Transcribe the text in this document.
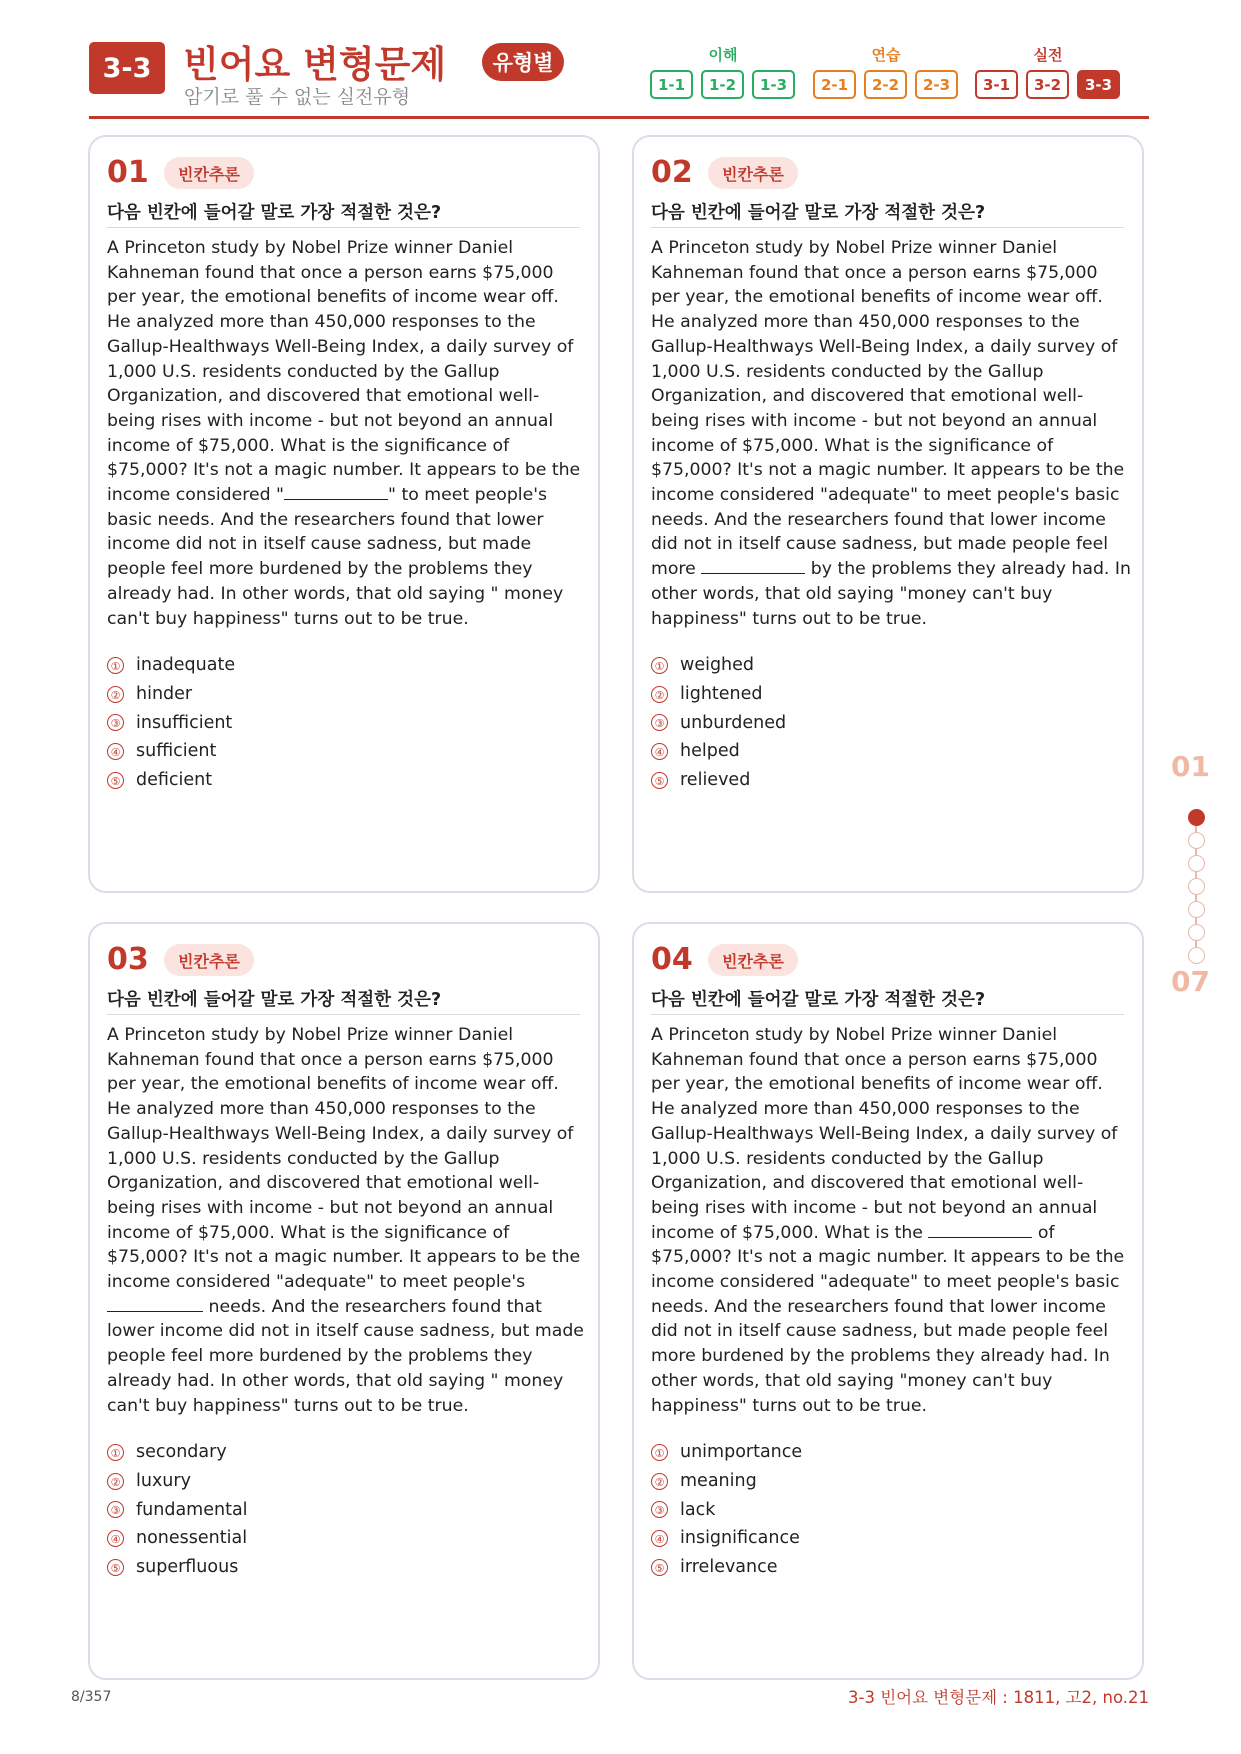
3-3 빈어요 변형문제	유형별
암기로 풀 수 없는 실전유형
이해
1-1	1-2	1-3
연습
2-1	2-2	2-3
실전
3-1	3-2	3-3
01	빈칸추론
다음 빈칸에 들어갈 말로 가장 적절한 것은?
A Princeton study by Nobel Prize winner Daniel Kahneman found that once a person earns $75,000 per year, the emotional benefits of income wear off. He analyzed more than 450,000 responses to the Gallup-Healthways Well-Being Index, a daily survey of 1,000 U.S. residents conducted by the Gallup Organization, and discovered that emotional well-being rises with income - but not beyond an annual income of $75,000. What is the significance of $75,000? It's not a magic number. It appears to be the income considered "	" to meet people's basic needs. And the researchers found that lower income did not in itself cause sadness, but made people feel more burdened by the problems they already had. In other words, that old saying " money can't buy happiness" turns out to be true.
① inadequate
② hinder
③ insufficient
④ sufficient
⑤ deficient
02	빈칸추론
다음 빈칸에 들어갈 말로 가장 적절한 것은?
A Princeton study by Nobel Prize winner Daniel Kahneman found that once a person earns $75,000 per year, the emotional benefits of income wear off. He analyzed more than 450,000 responses to the Gallup-Healthways Well-Being Index, a daily survey of 1,000 U.S. residents conducted by the Gallup Organization, and discovered that emotional well-being rises with income - but not beyond an annual income of $75,000. What is the significance of $75,000? It's not a magic number. It appears to be the income considered "adequate" to meet people's basic needs. And the researchers found that lower income did not in itself cause sadness, but made people feel more	by the problems they already had. In other words, that old saying "money can't buy happiness" turns out to be true.
① weighed
② lightened
③ unburdened
④ helped
⑤ relieved
03	빈칸추론
다음 빈칸에 들어갈 말로 가장 적절한 것은?
A Princeton study by Nobel Prize winner Daniel Kahneman found that once a person earns $75,000 per year, the emotional benefits of income wear off. He analyzed more than 450,000 responses to the Gallup-Healthways Well-Being Index, a daily survey of 1,000 U.S. residents conducted by the Gallup Organization, and discovered that emotional well-being rises with income - but not beyond an annual income of $75,000. What is the significance of $75,000? It's not a magic number. It appears to be the income considered "adequate" to meet people's  needs. And the researchers found that lower income did not in itself cause sadness, but made people feel more burdened by the problems they already had. In other words, that old saying " money can't buy happiness" turns out to be true.
① secondary
② luxury
③ fundamental
④ nonessential
⑤ superfluous
04	빈칸추론
다음 빈칸에 들어갈 말로 가장 적절한 것은?
A Princeton study by Nobel Prize winner Daniel Kahneman found that once a person earns $75,000 per year, the emotional benefits of income wear off. He analyzed more than 450,000 responses to the Gallup-Healthways Well-Being Index, a daily survey of 1,000 U.S. residents conducted by the Gallup Organization, and discovered that emotional well-being rises with income - but not beyond an annual income of $75,000. What is the	of $75,000? It's not a magic number. It appears to be the income considered "adequate" to meet people's basic needs. And the researchers found that lower income did not in itself cause sadness, but made people feel more burdened by the problems they already had. In other words, that old saying "money can't buy happiness" turns out to be true.
① unimportance
② meaning
③ lack
④ insignificance
⑤ irrelevance
01
07
8/357	3-3 빈어요 변형문제 : 1811, 고2, no.21
